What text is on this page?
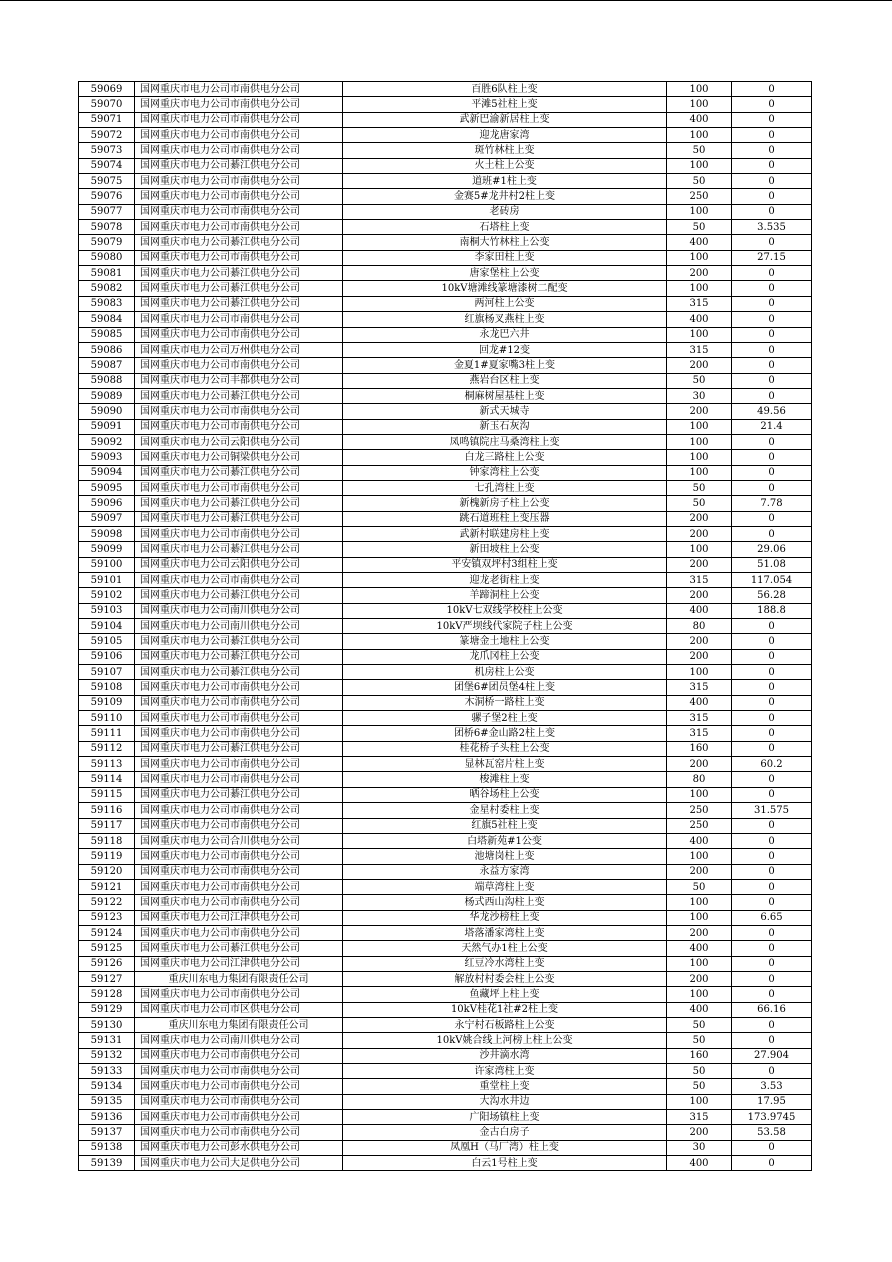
59069	国网重庆市电力公司市南供电分公司	百胜6队柱上变	100	0
59070	国网重庆市电力公司市南供电分公司	平滩5社柱上变	100	0
59071	国网重庆市电力公司市南供电分公司	武新巴渝新居柱上变	400	0
59072	国网重庆市电力公司市南供电分公司	迎龙唐家湾	100	0
59073	国网重庆市电力公司市南供电分公司	斑竹林柱上变	50	0
59074	国网重庆市电力公司綦江供电分公司	火土柱上公变	100	0
59075	国网重庆市电力公司市南供电分公司	道班#1柱上变	50	0
59076	国网重庆市电力公司市南供电分公司	金赛5#龙井村2柱上变	250	0
59077	国网重庆市电力公司市南供电分公司	老砖房	100	0
59078	国网重庆市电力公司市南供电分公司	石塔柱上变	50	3.535
59079	国网重庆市电力公司綦江供电分公司	南桐大竹林柱上公变	400	0
59080	国网重庆市电力公司市南供电分公司	李家田柱上变	100	27.15
59081	国网重庆市电力公司綦江供电分公司	唐家堡柱上公变	200	0
59082	国网重庆市电力公司綦江供电分公司	10kV塘滩线篆塘漆树二配变	100	0
59083	国网重庆市电力公司綦江供电分公司	两河柱上公变	315	0
59084	国网重庆市电力公司市南供电分公司	红旗杨叉燕柱上变	400	0
59085	国网重庆市电力公司市南供电分公司	永龙巴六井	100	0
59086	国网重庆市电力公司万州供电分公司	回龙#12变	315	0
59087	国网重庆市电力公司市南供电分公司	金夏1#夏家嘴3柱上变	200	0
59088	国网重庆市电力公司丰都供电分公司	燕岩台区柱上变	50	0
59089	国网重庆市电力公司綦江供电分公司	桐麻树屋基柱上变	30	0
59090	国网重庆市电力公司市南供电分公司	新式天城寺	200	49.56
59091	国网重庆市电力公司市南供电分公司	新玉石灰沟	100	21.4
59092	国网重庆市电力公司云阳供电分公司	凤鸣镇院庄马桑湾柱上变	100	0
59093	国网重庆市电力公司铜梁供电分公司	白龙三路柱上公变	100	0
59094	国网重庆市电力公司綦江供电分公司	钟家湾柱上公变	100	0
59095	国网重庆市电力公司市南供电分公司	七孔湾柱上变	50	0
59096	国网重庆市电力公司綦江供电分公司	新槐新房子柱上公变	50	7.78
59097	国网重庆市电力公司綦江供电分公司	跳石道班柱上变压器	200	0
59098	国网重庆市电力公司市南供电分公司	武新村联建房柱上变	200	0
59099	国网重庆市电力公司綦江供电分公司	新田坡柱上公变	100	29.06
59100	国网重庆市电力公司云阳供电分公司	平安镇双坪村3组柱上变	200	51.08
59101	国网重庆市电力公司市南供电分公司	迎龙老街柱上变	315	117.054
59102	国网重庆市电力公司綦江供电分公司	羊蹄洞柱上公变	200	56.28
59103	国网重庆市电力公司南川供电分公司	10kV七双线学校柱上公变	400	188.8
59104	国网重庆市电力公司南川供电分公司	10kV严坝线代家院子柱上公变	80	0
59105	国网重庆市电力公司綦江供电分公司	篆塘金土地柱上公变	200	0
59106	国网重庆市电力公司綦江供电分公司	龙爪冈柱上公变	200	0
59107	国网重庆市电力公司綦江供电分公司	机房柱上公变	100	0
59108	国网重庆市电力公司市南供电分公司	团堡6#团员堡4柱上变	315	0
59109	国网重庆市电力公司市南供电分公司	木洞桥一路柱上变	400	0
59110	国网重庆市电力公司市南供电分公司	骡子堡2柱上变	315	0
59111	国网重庆市电力公司市南供电分公司	团桥6#金山路2柱上变	315	0
59112	国网重庆市电力公司綦江供电分公司	桂花桥子头柱上公变	160	0
59113	国网重庆市电力公司市南供电分公司	显林瓦窑片柱上变	200	60.2
59114	国网重庆市电力公司市南供电分公司	梭滩柱上变	80	0
59115	国网重庆市电力公司綦江供电分公司	晒谷场柱上公变	100	0
59116	国网重庆市电力公司市南供电分公司	金星村委柱上变	250	31.575
59117	国网重庆市电力公司市南供电分公司	红旗5社柱上变	250	0
59118	国网重庆市电力公司合川供电分公司	白塔新苑#1公变	400	0
59119	国网重庆市电力公司市南供电分公司	池塘岗柱上变	100	0
59120	国网重庆市电力公司市南供电分公司	永益方家湾	200	0
59121	国网重庆市电力公司市南供电分公司	端草湾柱上变	50	0
59122	国网重庆市电力公司市南供电分公司	杨式西山沟柱上变	100	0
59123	国网重庆市电力公司江津供电分公司	华龙沙榜柱上变	100	6.65
59124	国网重庆市电力公司市南供电分公司	塔落潘家湾柱上变	200	0
59125	国网重庆市电力公司綦江供电分公司	天然气办1柱上公变	400	0
59126	国网重庆市电力公司江津供电分公司	红豆冷水湾柱上变	100	0
59127	重庆川东电力集团有限责任公司	解放村村委会柱上公变	200	0
59128	国网重庆市电力公司市南供电分公司	鱼藏坪上柱上变	100	0
59129	国网重庆市电力公司市区供电分公司	10kV桂花1社#2柱上变	400	66.16
59130	重庆川东电力集团有限责任公司	永宁村石板路柱上公变	50	0
59131	国网重庆市电力公司南川供电分公司	10kV姚合线上河榜上柱上公变	50	0
59132	国网重庆市电力公司市南供电分公司	沙井滴水湾	160	27.904
59133	国网重庆市电力公司市南供电分公司	许家湾柱上变	50	0
59134	国网重庆市电力公司市南供电分公司	重堂柱上变	50	3.53
59135	国网重庆市电力公司市南供电分公司	大沟水井边	100	17.95
59136	国网重庆市电力公司市南供电分公司	广阳场镇柱上变	315	173.9745
59137	国网重庆市电力公司市南供电分公司	金古白房子	200	53.58
59138	国网重庆市电力公司彭水供电分公司	凤凰H（马厂湾）柱上变	30	0
59139	国网重庆市电力公司大足供电分公司	白云1号柱上变	400	0
